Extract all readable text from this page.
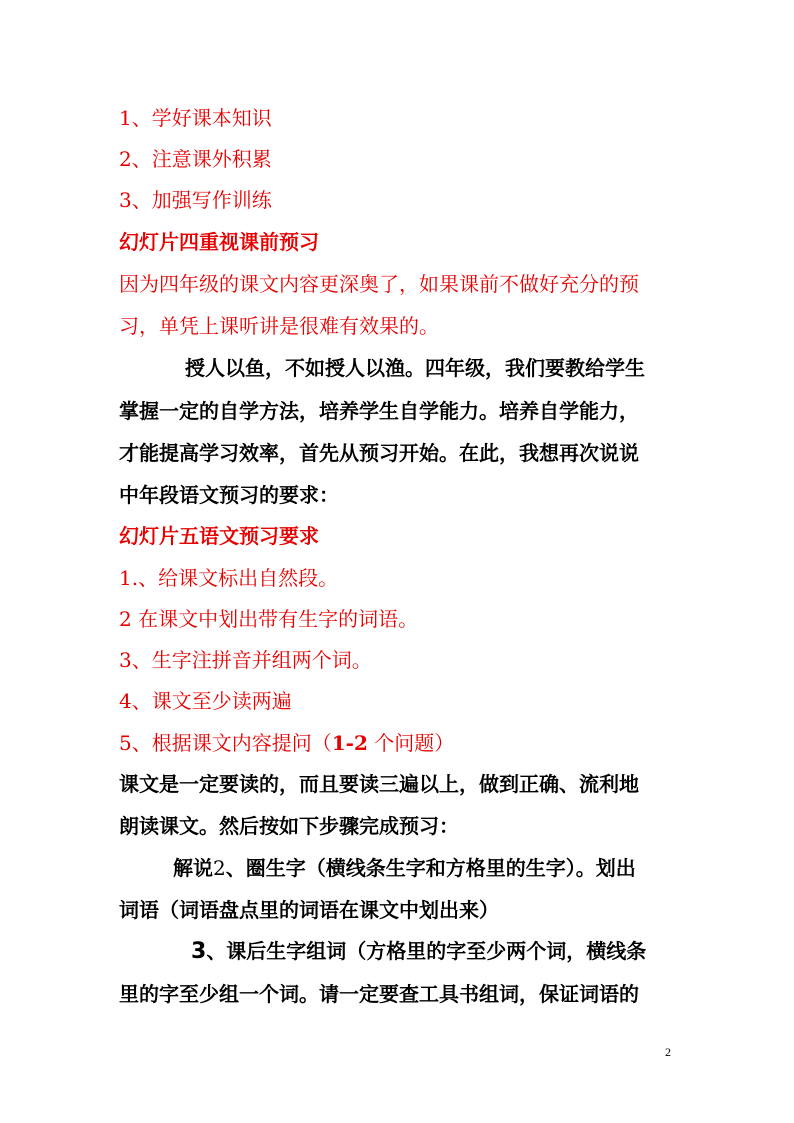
1、学好课本知识
2、注意课外积累
3、加强写作训练
幻灯片四重视课前预习
因为四年级的课文内容更深奥了，如果课前不做好充分的预
习，单凭上课听讲是很难有效果的。
授人以鱼，不如授人以渔。四年级，我们要教给学生
掌握一定的自学方法，培养学生自学能力。培养自学能力，
才能提高学习效率，首先从预习开始。在此，我想再次说说
中年段语文预习的要求：
幻灯片五语文预习要求
1.、给课文标出自然段。
2 在课文中划出带有生字的词语。
3、生字注拼音并组两个词。
4、课文至少读两遍
5、根据课文内容提问（1-2 个问题）
课文是一定要读的，而且要读三遍以上，做到正确、流利地
朗读课文。然后按如下步骤完成预习：
解说2、圈生字（横线条生字和方格里的生字）。划出
词语（词语盘点里的词语在课文中划出来）
3、课后生字组词（方格里的字至少两个词，横线条
里的字至少组一个词。请一定要查工具书组词，保证词语的
2
